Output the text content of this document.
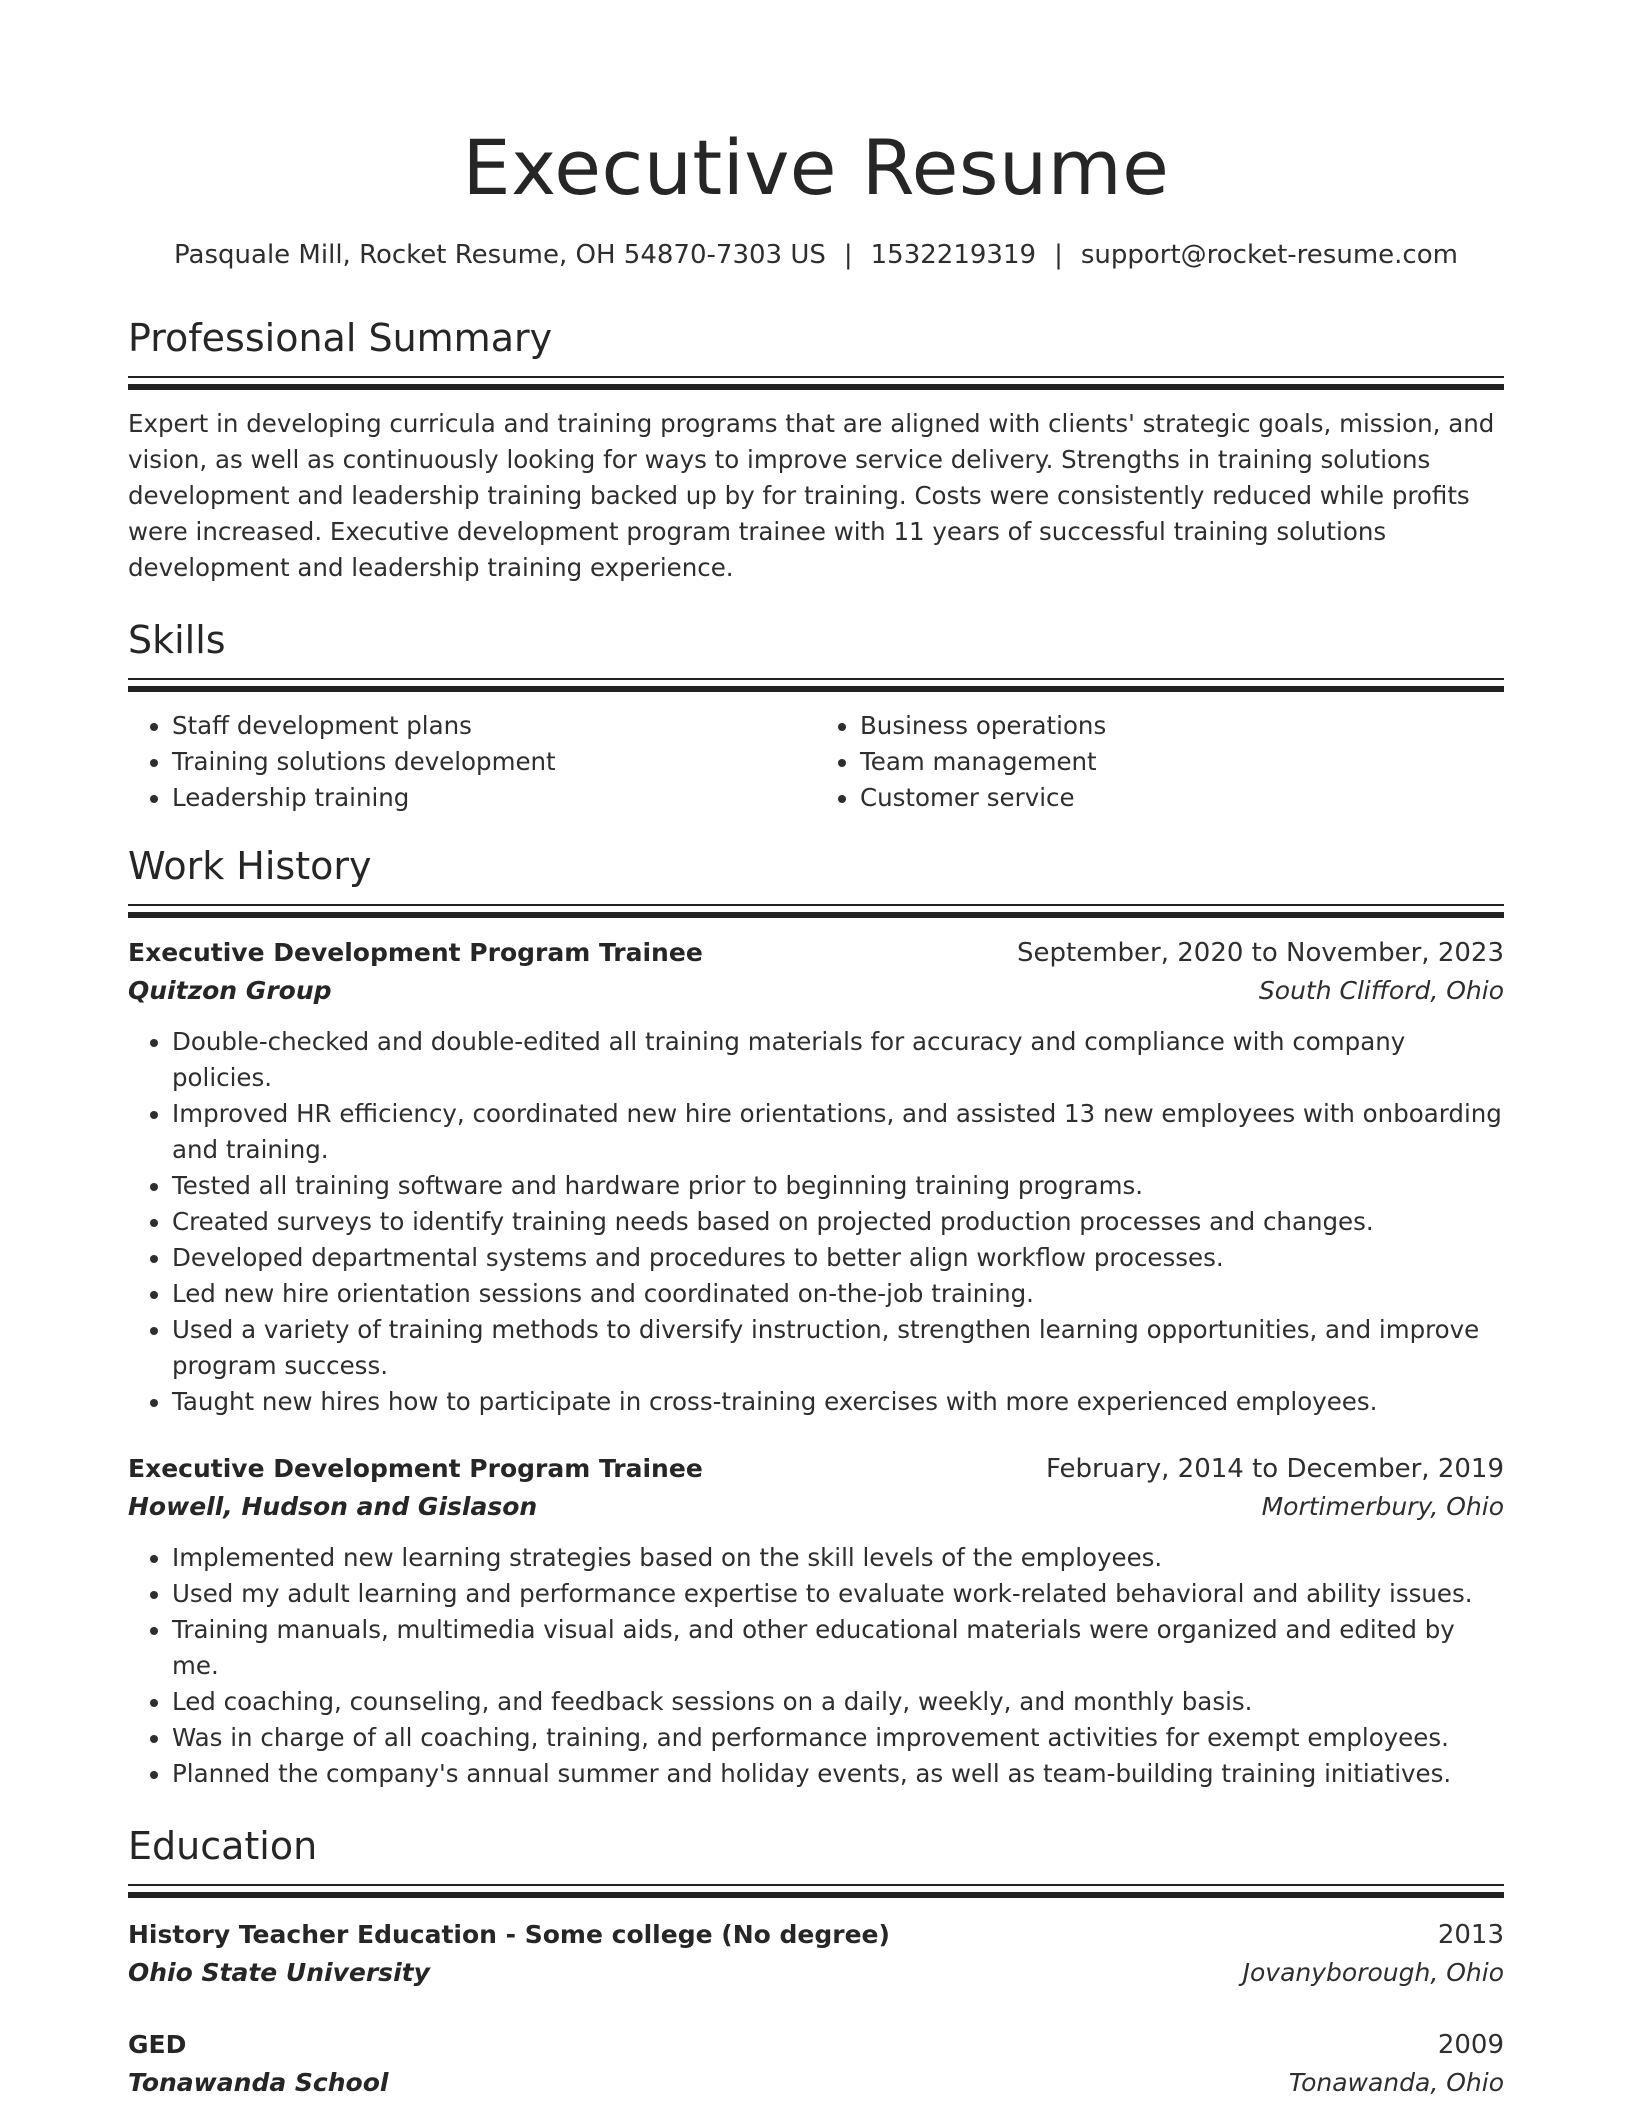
Executive Resume
Pasquale Mill, Rocket Resume, OH 54870-7303 US | 1532219319 | support@rocket-resume.com
Professional Summary

Expert in developing curricula and training programs that are aligned with clients' strategic goals, mission, and vision, as well as continuously looking for ways to improve service delivery. Strengths in training solutions development and leadership training backed up by for training. Costs were consistently reduced while profits were increased. Executive development program trainee with 11 years of successful training solutions development and leadership training experience.

Skills
• Staff development plans
• Training solutions development
• Leadership training
• Business operations
• Team management
• Customer service
Work History
Executive Development Program Trainee	September, 2020 to November, 2023
Quitzon Group	South Clifford, Ohio
• Double-checked and double-edited all training materials for accuracy and compliance with company policies.
• Improved HR efficiency, coordinated new hire orientations, and assisted 13 new employees with onboarding and training.
• Tested all training software and hardware prior to beginning training programs.
• Created surveys to identify training needs based on projected production processes and changes.
• Developed departmental systems and procedures to better align workflow processes.
• Led new hire orientation sessions and coordinated on-the-job training.
• Used a variety of training methods to diversify instruction, strengthen learning opportunities, and improve program success.
• Taught new hires how to participate in cross-training exercises with more experienced employees.
Executive Development Program Trainee	February, 2014 to December, 2019
Howell, Hudson and Gislason	Mortimerbury, Ohio
• Implemented new learning strategies based on the skill levels of the employees.
• Used my adult learning and performance expertise to evaluate work-related behavioral and ability issues.
• Training manuals, multimedia visual aids, and other educational materials were organized and edited by me.
• Led coaching, counseling, and feedback sessions on a daily, weekly, and monthly basis.
• Was in charge of all coaching, training, and performance improvement activities for exempt employees.
• Planned the company's annual summer and holiday events, as well as team-building training initiatives.
Education
History Teacher Education - Some college (No degree)	2013
Ohio State University	Jovanyborough, Ohio
GED	2009
Tonawanda School	Tonawanda, Ohio
